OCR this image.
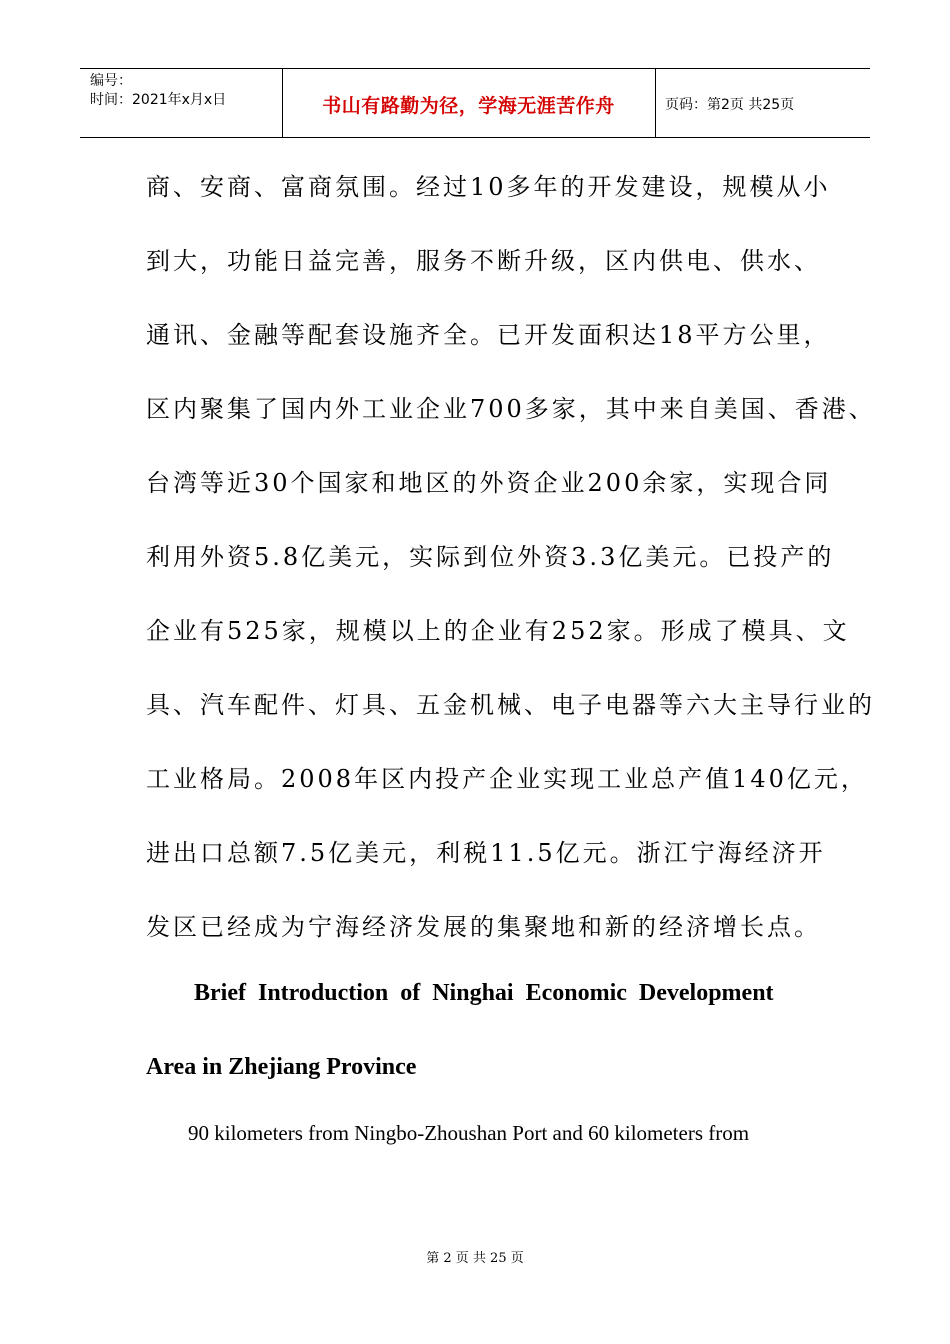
编号：
时间：2021年x月x日	书山有路勤为径，学海无涯苦作舟	页码：第2页 共25页
商、安商、富商氛围。经过10多年的开发建设，规模从小
到大，功能日益完善，服务不断升级，区内供电、供水、
通讯、金融等配套设施齐全。已开发面积达18平方公里，
区内聚集了国内外工业企业700多家，其中来自美国、香港、
台湾等近30个国家和地区的外资企业200余家，实现合同
利用外资5.8亿美元，实际到位外资3.3亿美元。已投产的
企业有525家，规模以上的企业有252家。形成了模具、文
具、汽车配件、灯具、五金机械、电子电器等六大主导行业的
工业格局。2008年区内投产企业实现工业总产值140亿元，
进出口总额7.5亿美元，利税11.5亿元。浙江宁海经济开
发区已经成为宁海经济发展的集聚地和新的经济增长点。
Brief Introduction of Ninghai Economic Development
Area in Zhejiang Province
90 kilometers from Ningbo-Zhoushan Port and 60 kilometers from
第 2 页 共 25 页
